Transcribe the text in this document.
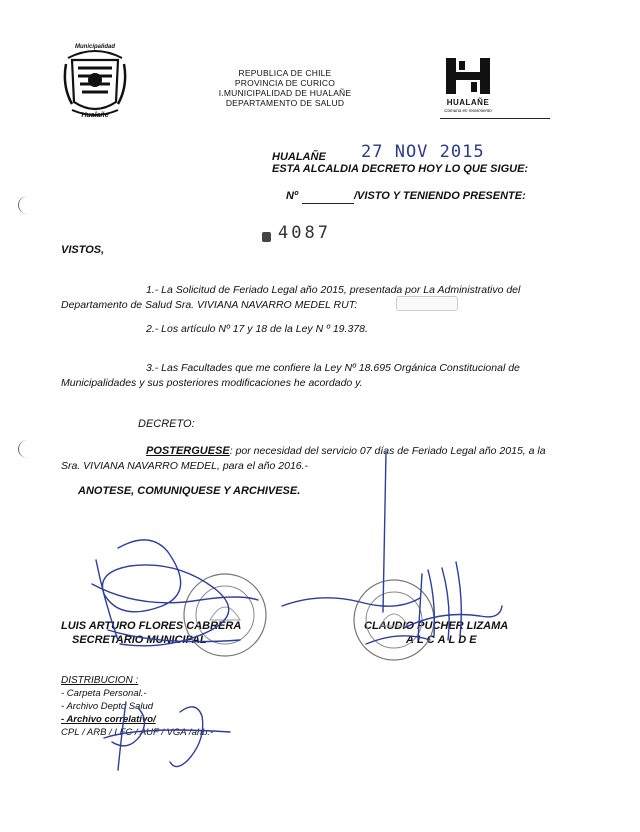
Municipalidad
Hualañe
REPUBLICA DE CHILE
PROVINCIA DE CURICO
I.MUNICIPALIDAD DE HUALAÑE
DEPARTAMENTO DE SALUD	HUALAÑE
Comuna en movimiento
HUALAÑE 27 NOV 2015
ESTA ALCALDIA DECRETO HOY LO QUE SIGUE:
Nº	/VISTO Y TENIENDO PRESENTE:
4087
VISTOS,
1.- La Solicitud de Feriado Legal año 2015, presentada por La Administrativo del
Departamento de Salud Sra. VIVIANA NAVARRO MEDEL RUT:
2.- Los artículo Nº 17 y 18 de la Ley N º 19.378.
3.- Las Facultades que me confiere la Ley Nº 18.695 Orgánica Constitucional de
Municipalidades y sus posteriores modificaciones he acordado y.
DECRETO:
POSTERGUESE: por necesidad del servicio 07 días de Feriado Legal año 2015, a la
Sra. VIVIANA NAVARRO MEDEL, para el año 2016.-
ANOTESE, COMUNIQUESE Y ARCHIVESE.
LUIS ARTURO FLORES CABRERA
SECRETARIO MUNICIPAL
CLAUDIO PUCHER LIZAMA
ALCALDE
DISTRIBUCION :
- Carpeta Personal.-
- Archivo Depto Salud
- Archivo correlativo/
CPL / ARB / LFC / AUF / VGA /ahb.-
